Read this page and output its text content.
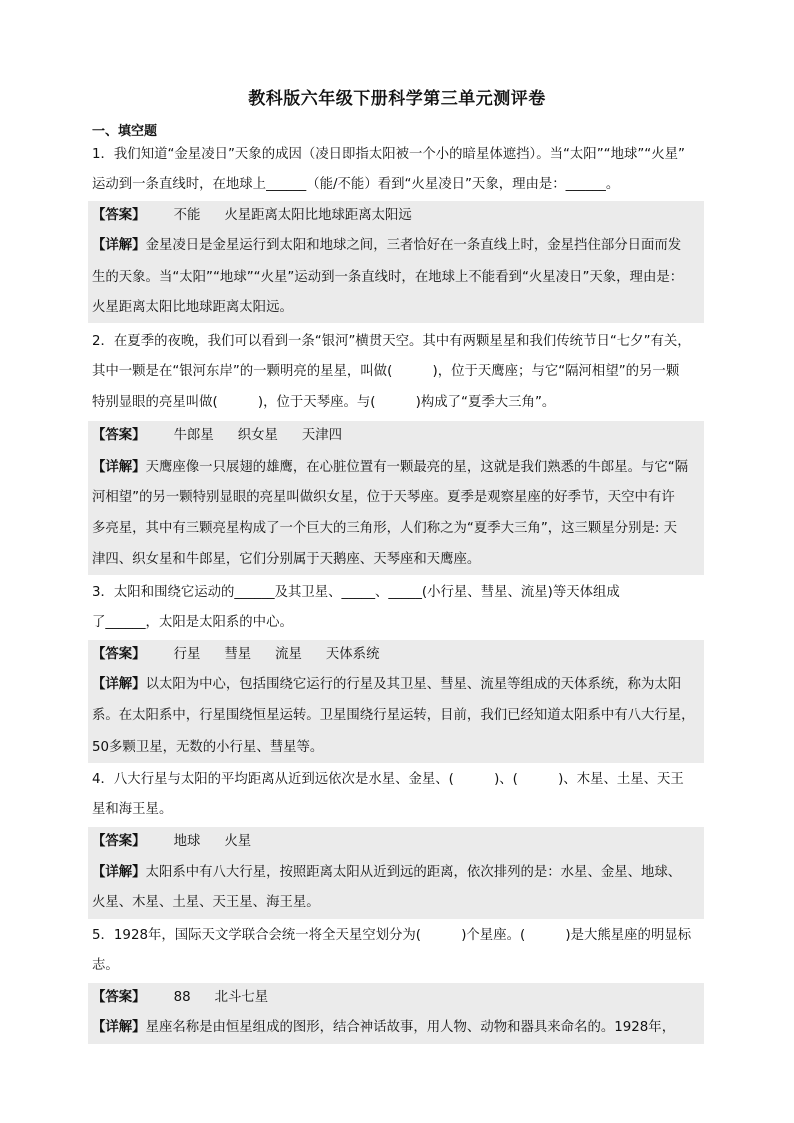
教科版六年级下册科学第三单元测评卷
一、填空题
1．我们知道“金星凌日”天象的成因（凌日即指太阳被一个小的暗星体遮挡）。当“太阳”“地球”“火星”
运动到一条直线时，在地球上______（能/不能）看到“火星凌日”天象，理由是：______。
【答案】 不能 火星距离太阳比地球距离太阳远
【详解】金星凌日是金星运行到太阳和地球之间，三者恰好在一条直线上时，金星挡住部分日面而发
生的天象。当“太阳”“地球”“火星”运动到一条直线时，在地球上不能看到“火星凌日”天象，理由是：
火星距离太阳比地球距离太阳远。
2．在夏季的夜晚，我们可以看到一条“银河”横贯天空。其中有两颗星星和我们传统节日“七夕”有关，
其中一颗是在“银河东岸”的一颗明亮的星星，叫做(　　　)，位于天鹰座；与它“隔河相望”的另一颗
特别显眼的亮星叫做(　　　)，位于天琴座。与(　　　)构成了“夏季大三角”。
【答案】 牛郎星 织女星 天津四
【详解】天鹰座像一只展翅的雄鹰，在心脏位置有一颗最亮的星，这就是我们熟悉的牛郎星。与它“隔
河相望”的另一颗特别显眼的亮星叫做织女星，位于天琴座。夏季是观察星座的好季节，天空中有许
多亮星，其中有三颗亮星构成了一个巨大的三角形，人们称之为“夏季大三角”，这三颗星分别是: 天
津四、织女星和牛郎星，它们分别属于天鹅座、天琴座和天鹰座。
3．太阳和围绕它运动的______及其卫星、_____、_____(小行星、彗星、流星)等天体组成
了______，太阳是太阳系的中心。
【答案】 行星 彗星 流星 天体系统
【详解】以太阳为中心，包括围绕它运行的行星及其卫星、彗星、流星等组成的天体系统，称为太阳
系。在太阳系中，行星围绕恒星运转。卫星围绕行星运转，目前，我们已经知道太阳系中有八大行星，
50多颗卫星，无数的小行星、彗星等。
4．八大行星与太阳的平均距离从近到远依次是水星、金星、(　　　)、(　　　)、木星、土星、天王
星和海王星。
【答案】 地球 火星
【详解】太阳系中有八大行星，按照距离太阳从近到远的距离，依次排列的是：水星、金星、地球、
火星、木星、土星、天王星、海王星。
5．1928年，国际天文学联合会统一将全天星空划分为(　　　)个星座。(　　　)是大熊星座的明显标
志。
【答案】 88 北斗七星
【详解】星座名称是由恒星组成的图形，结合神话故事，用人物、动物和器具来命名的。1928年，
